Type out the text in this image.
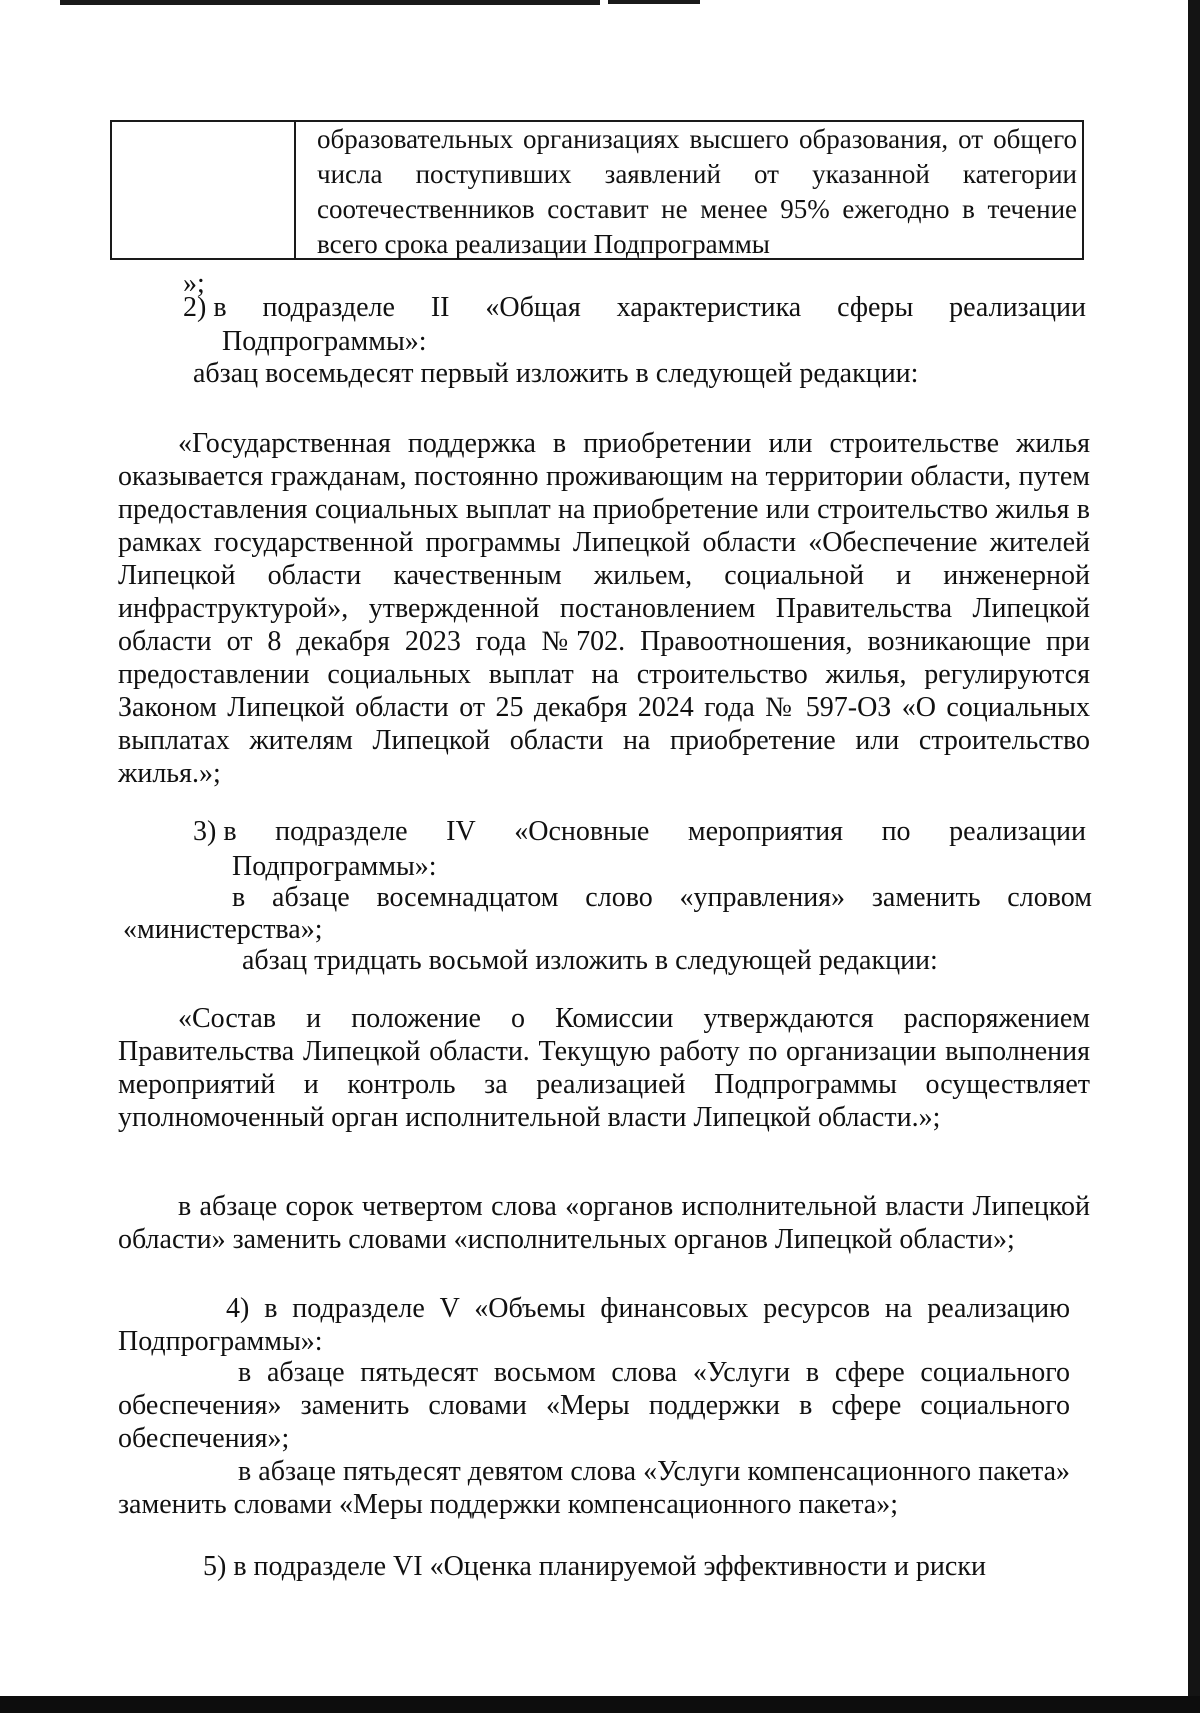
образовательных организациях высшего образования, от общего числа поступивших заявлений от указанной категории соотечественников составит не менее 95% ежегодно в течение всего срока реализации Подпрограммы
»;
2) в подразделе II «Общая характеристика сферы реализации
Подпрограммы»:
абзац восемьдесят первый изложить в следующей редакции:
«Государственная поддержка в приобретении или строительстве жилья оказывается гражданам, постоянно проживающим на территории области, путем предоставления социальных выплат на приобретение или строительство жилья в рамках государственной программы Липецкой области «Обеспечение жителей Липецкой области качественным жильем, социальной и инженерной инфраструктурой», утвержденной постановлением Правительства Липецкой области от 8 декабря 2023 года №702. Правоотношения, возникающие при предоставлении социальных выплат на строительство жилья, регулируются Законом Липецкой области от 25 декабря 2024 года № 597-ОЗ «О социальных выплатах жителям Липецкой области на приобретение или строительство жилья.»;
3) в подразделе IV «Основные мероприятия по реализации
Подпрограммы»:
в абзаце восемнадцатом слово «управления» заменить словом
«министерства»;
абзац тридцать восьмой изложить в следующей редакции:
«Состав и положение о Комиссии утверждаются распоряжением Правительства Липецкой области. Текущую работу по организации выполнения мероприятий и контроль за реализацией Подпрограммы осуществляет уполномоченный орган исполнительной власти Липецкой области.»;
в абзаце сорок четвертом слова «органов исполнительной власти Липецкой области» заменить словами «исполнительных органов Липецкой области»;
4) в подразделе V «Объемы финансовых ресурсов на реализацию Подпрограммы»:
в абзаце пятьдесят восьмом слова «Услуги в сфере социального обеспечения» заменить словами «Меры поддержки в сфере социального обеспечения»;
в абзаце пятьдесят девятом слова «Услуги компенсационного пакета» заменить словами «Меры поддержки компенсационного пакета»;
5) в подразделе VI «Оценка планируемой эффективности и риски
